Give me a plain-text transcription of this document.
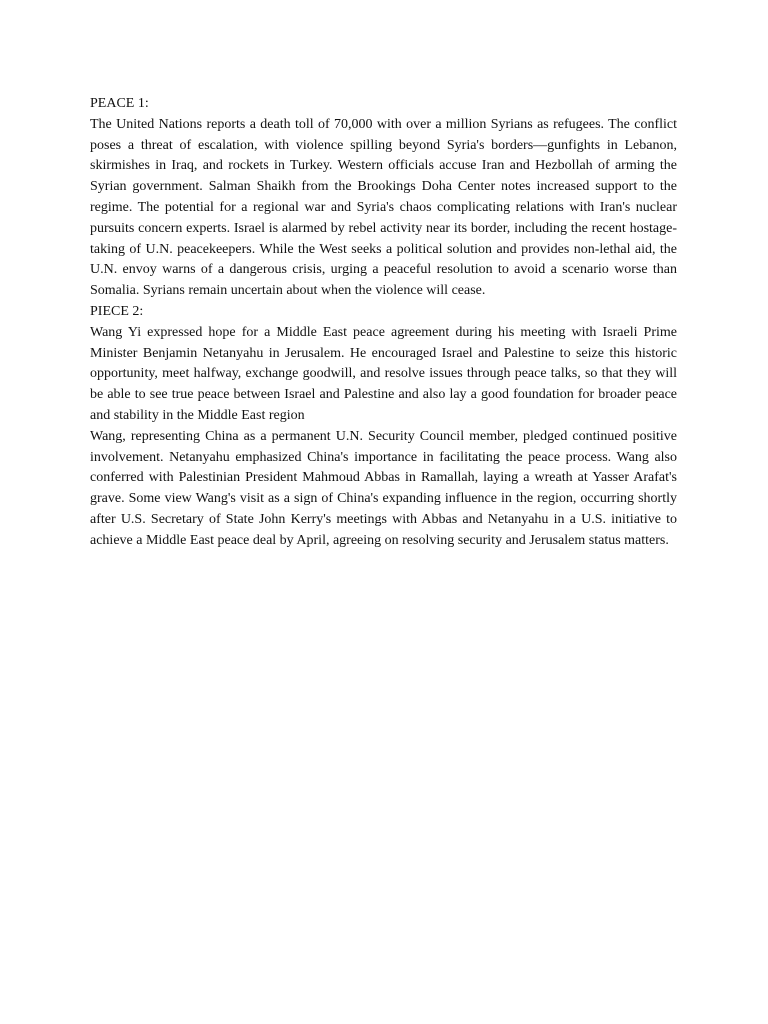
PEACE 1:

The United Nations reports a death toll of 70,000 with over a million Syrians as refugees. The conflict poses a threat of escalation, with violence spilling beyond Syria's borders—gunfights in Lebanon, skirmishes in Iraq, and rockets in Turkey. Western officials accuse Iran and Hezbollah of arming the Syrian government. Salman Shaikh from the Brookings Doha Center notes increased support to the regime. The potential for a regional war and Syria's chaos complicating relations with Iran's nuclear pursuits concern experts. Israel is alarmed by rebel activity near its border, including the recent hostage-taking of U.N. peacekeepers. While the West seeks a political solution and provides non-lethal aid, the U.N. envoy warns of a dangerous crisis, urging a peaceful resolution to avoid a scenario worse than Somalia. Syrians remain uncertain about when the violence will cease.

PIECE 2:

Wang Yi expressed hope for a Middle East peace agreement during his meeting with Israeli Prime Minister Benjamin Netanyahu in Jerusalem. He encouraged Israel and Palestine to seize this historic opportunity, meet halfway, exchange goodwill, and resolve issues through peace talks, so that they will be able to see true peace between Israel and Palestine and also lay a good foundation for broader peace and stability in the Middle East region

Wang, representing China as a permanent U.N. Security Council member, pledged continued positive involvement. Netanyahu emphasized China's importance in facilitating the peace process. Wang also conferred with Palestinian President Mahmoud Abbas in Ramallah, laying a wreath at Yasser Arafat's grave. Some view Wang's visit as a sign of China's expanding influence in the region, occurring shortly after U.S. Secretary of State John Kerry's meetings with Abbas and Netanyahu in a U.S. initiative to achieve a Middle East peace deal by April, agreeing on resolving security and Jerusalem status matters.
